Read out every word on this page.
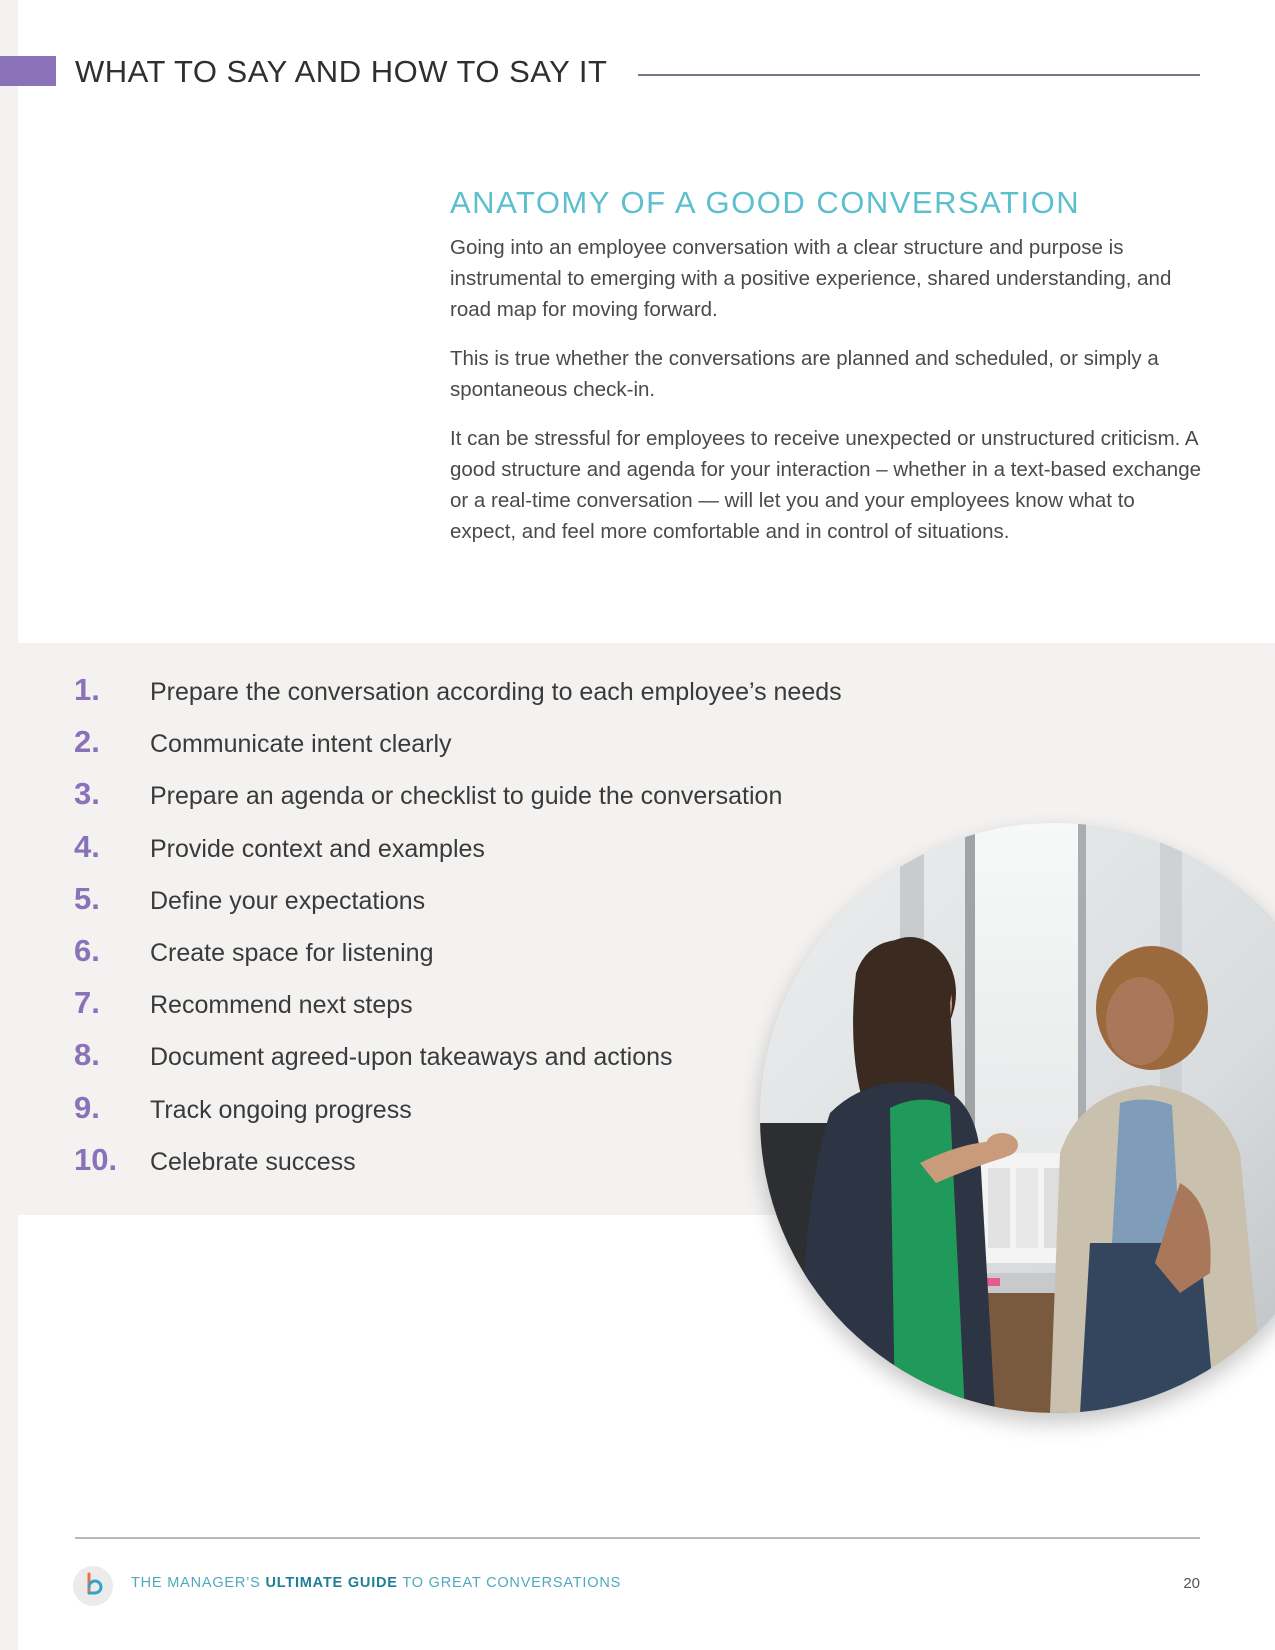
WHAT TO SAY AND HOW TO SAY IT
ANATOMY OF A GOOD CONVERSATION

Going into an employee conversation with a clear structure and purpose is instrumental to emerging with a positive experience, shared understanding, and road map for moving forward.

This is true whether the conversations are planned and scheduled, or simply a spontaneous check-in.

It can be stressful for employees to receive unexpected or unstructured criticism. A good structure and agenda for your interaction – whether in a text-based exchange or a real-time conversation — will let you and your employees know what to expect, and feel more comfortable and in control of situations.

1.	Prepare the conversation according to each employee’s needs
2.	Communicate intent clearly
3.	Prepare an agenda or checklist to guide the conversation
4.	Provide context and examples
5.	Define your expectations
6.	Create space for listening
7.	Recommend next steps
8.	Document agreed-upon takeaways and actions
9.	Track ongoing progress
10.	Celebrate success
THE MANAGER’S ULTIMATE GUIDE TO GREAT CONVERSATIONS	20
